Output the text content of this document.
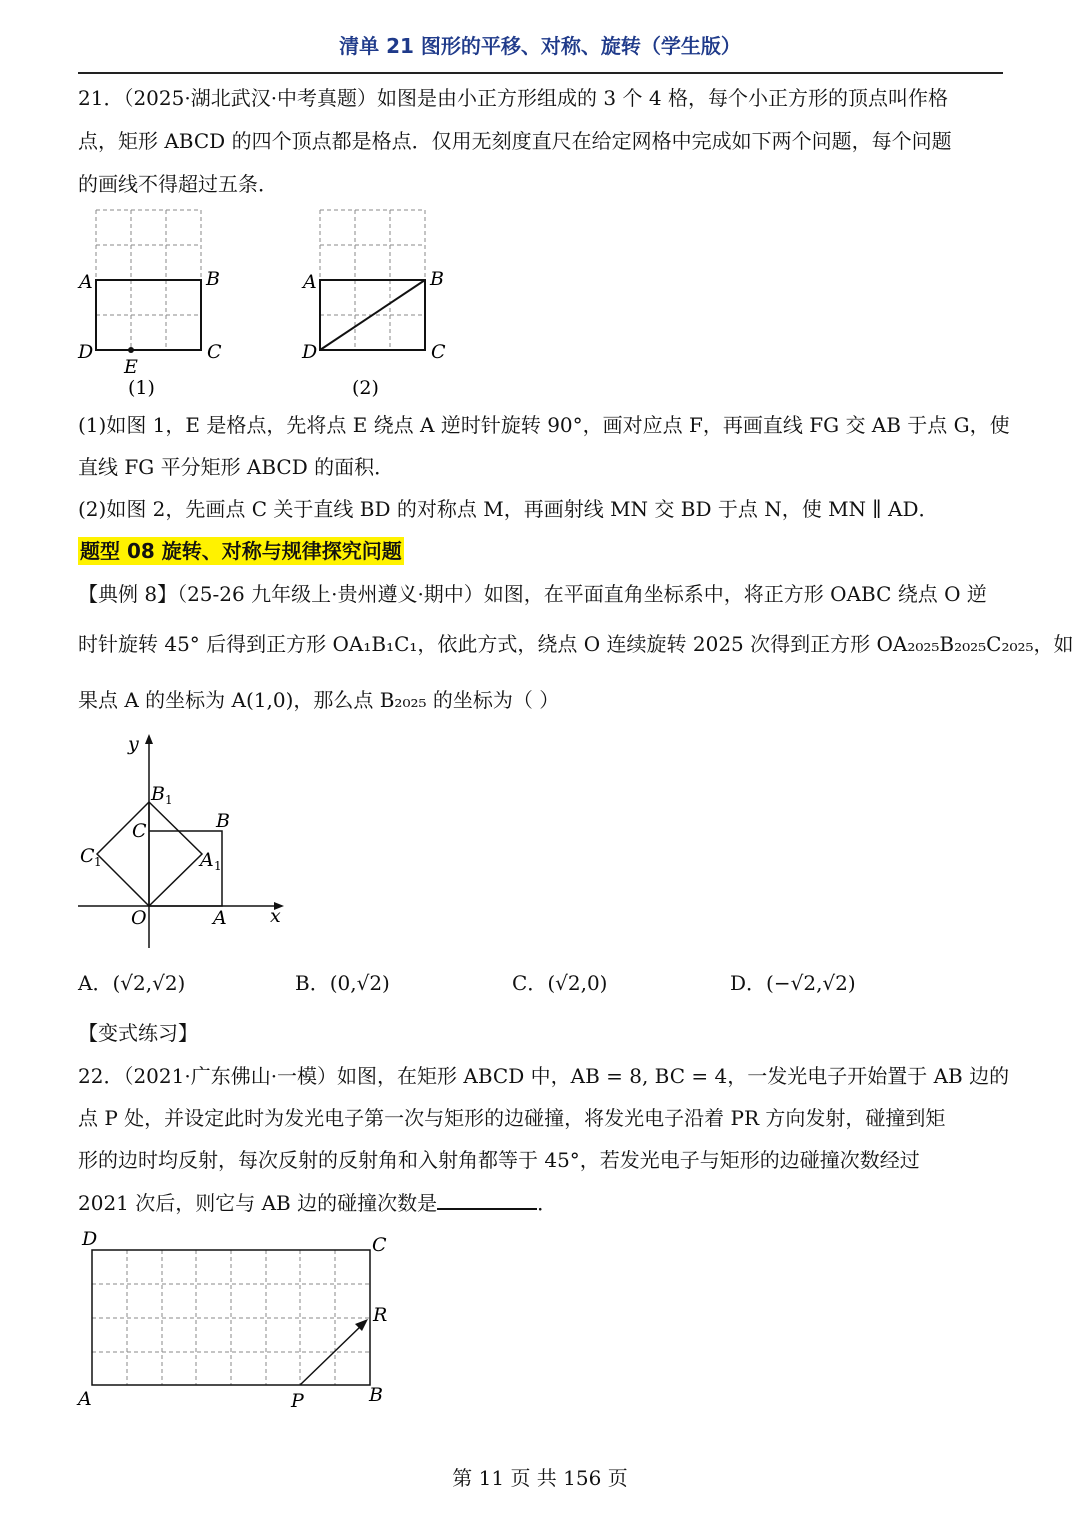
清单 21 图形的平移、对称、旋转（学生版）
21．（2025·湖北武汉·中考真题）如图是由小正方形组成的 3 个 4 格，每个小正方形的顶点叫作格
点，矩形 ABCD 的四个顶点都是格点．仅用无刻度直尺在给定网格中完成如下两个问题，每个问题
的画线不得超过五条．
A	B
C
D
E
(1)
A	B
C
D
(2)
(1)如图 1，E 是格点，先将点 E 绕点 A 逆时针旋转 90°，画对应点 F，再画直线 FG 交 AB 于点 G，使
直线 FG 平分矩形 ABCD 的面积．
(2)如图 2，先画点 C 关于直线 BD 的对称点 M，再画射线 MN 交 BD 于点 N，使 MN ∥ AD．
题型 08 旋转、对称与规律探究问题
【典例 8】（25-26 九年级上·贵州遵义·期中）如图，在平面直角坐标系中，将正方形 OABC 绕点 O 逆
时针旋转 45° 后得到正方形 OA₁B₁C₁，依此方式，绕点 O 连续旋转 2025 次得到正方形 OA₂₀₂₅B₂₀₂₅C₂₀₂₅，如
果点 A 的坐标为 A(1,0)，那么点 B₂₀₂₅ 的坐标为（ ）
x
y
O	A
B
C
B 1
A 1
C 1
A．(√2,√2)	B．(0,√2)	C．(√2,0)	D．(−√2,√2)
【变式练习】
22．（2021·广东佛山·一模）如图，在矩形 ABCD 中，AB = 8, BC = 4，一发光电子开始置于 AB 边的
点 P 处，并设定此时为发光电子第一次与矩形的边碰撞，将发光电子沿着 PR 方向发射，碰撞到矩
形的边时均反射，每次反射的反射角和入射角都等于 45°，若发光电子与矩形的边碰撞次数经过
2021 次后，则它与 AB 边的碰撞次数是	．
D	C
A	B
P
R
第 11 页 共 156 页
